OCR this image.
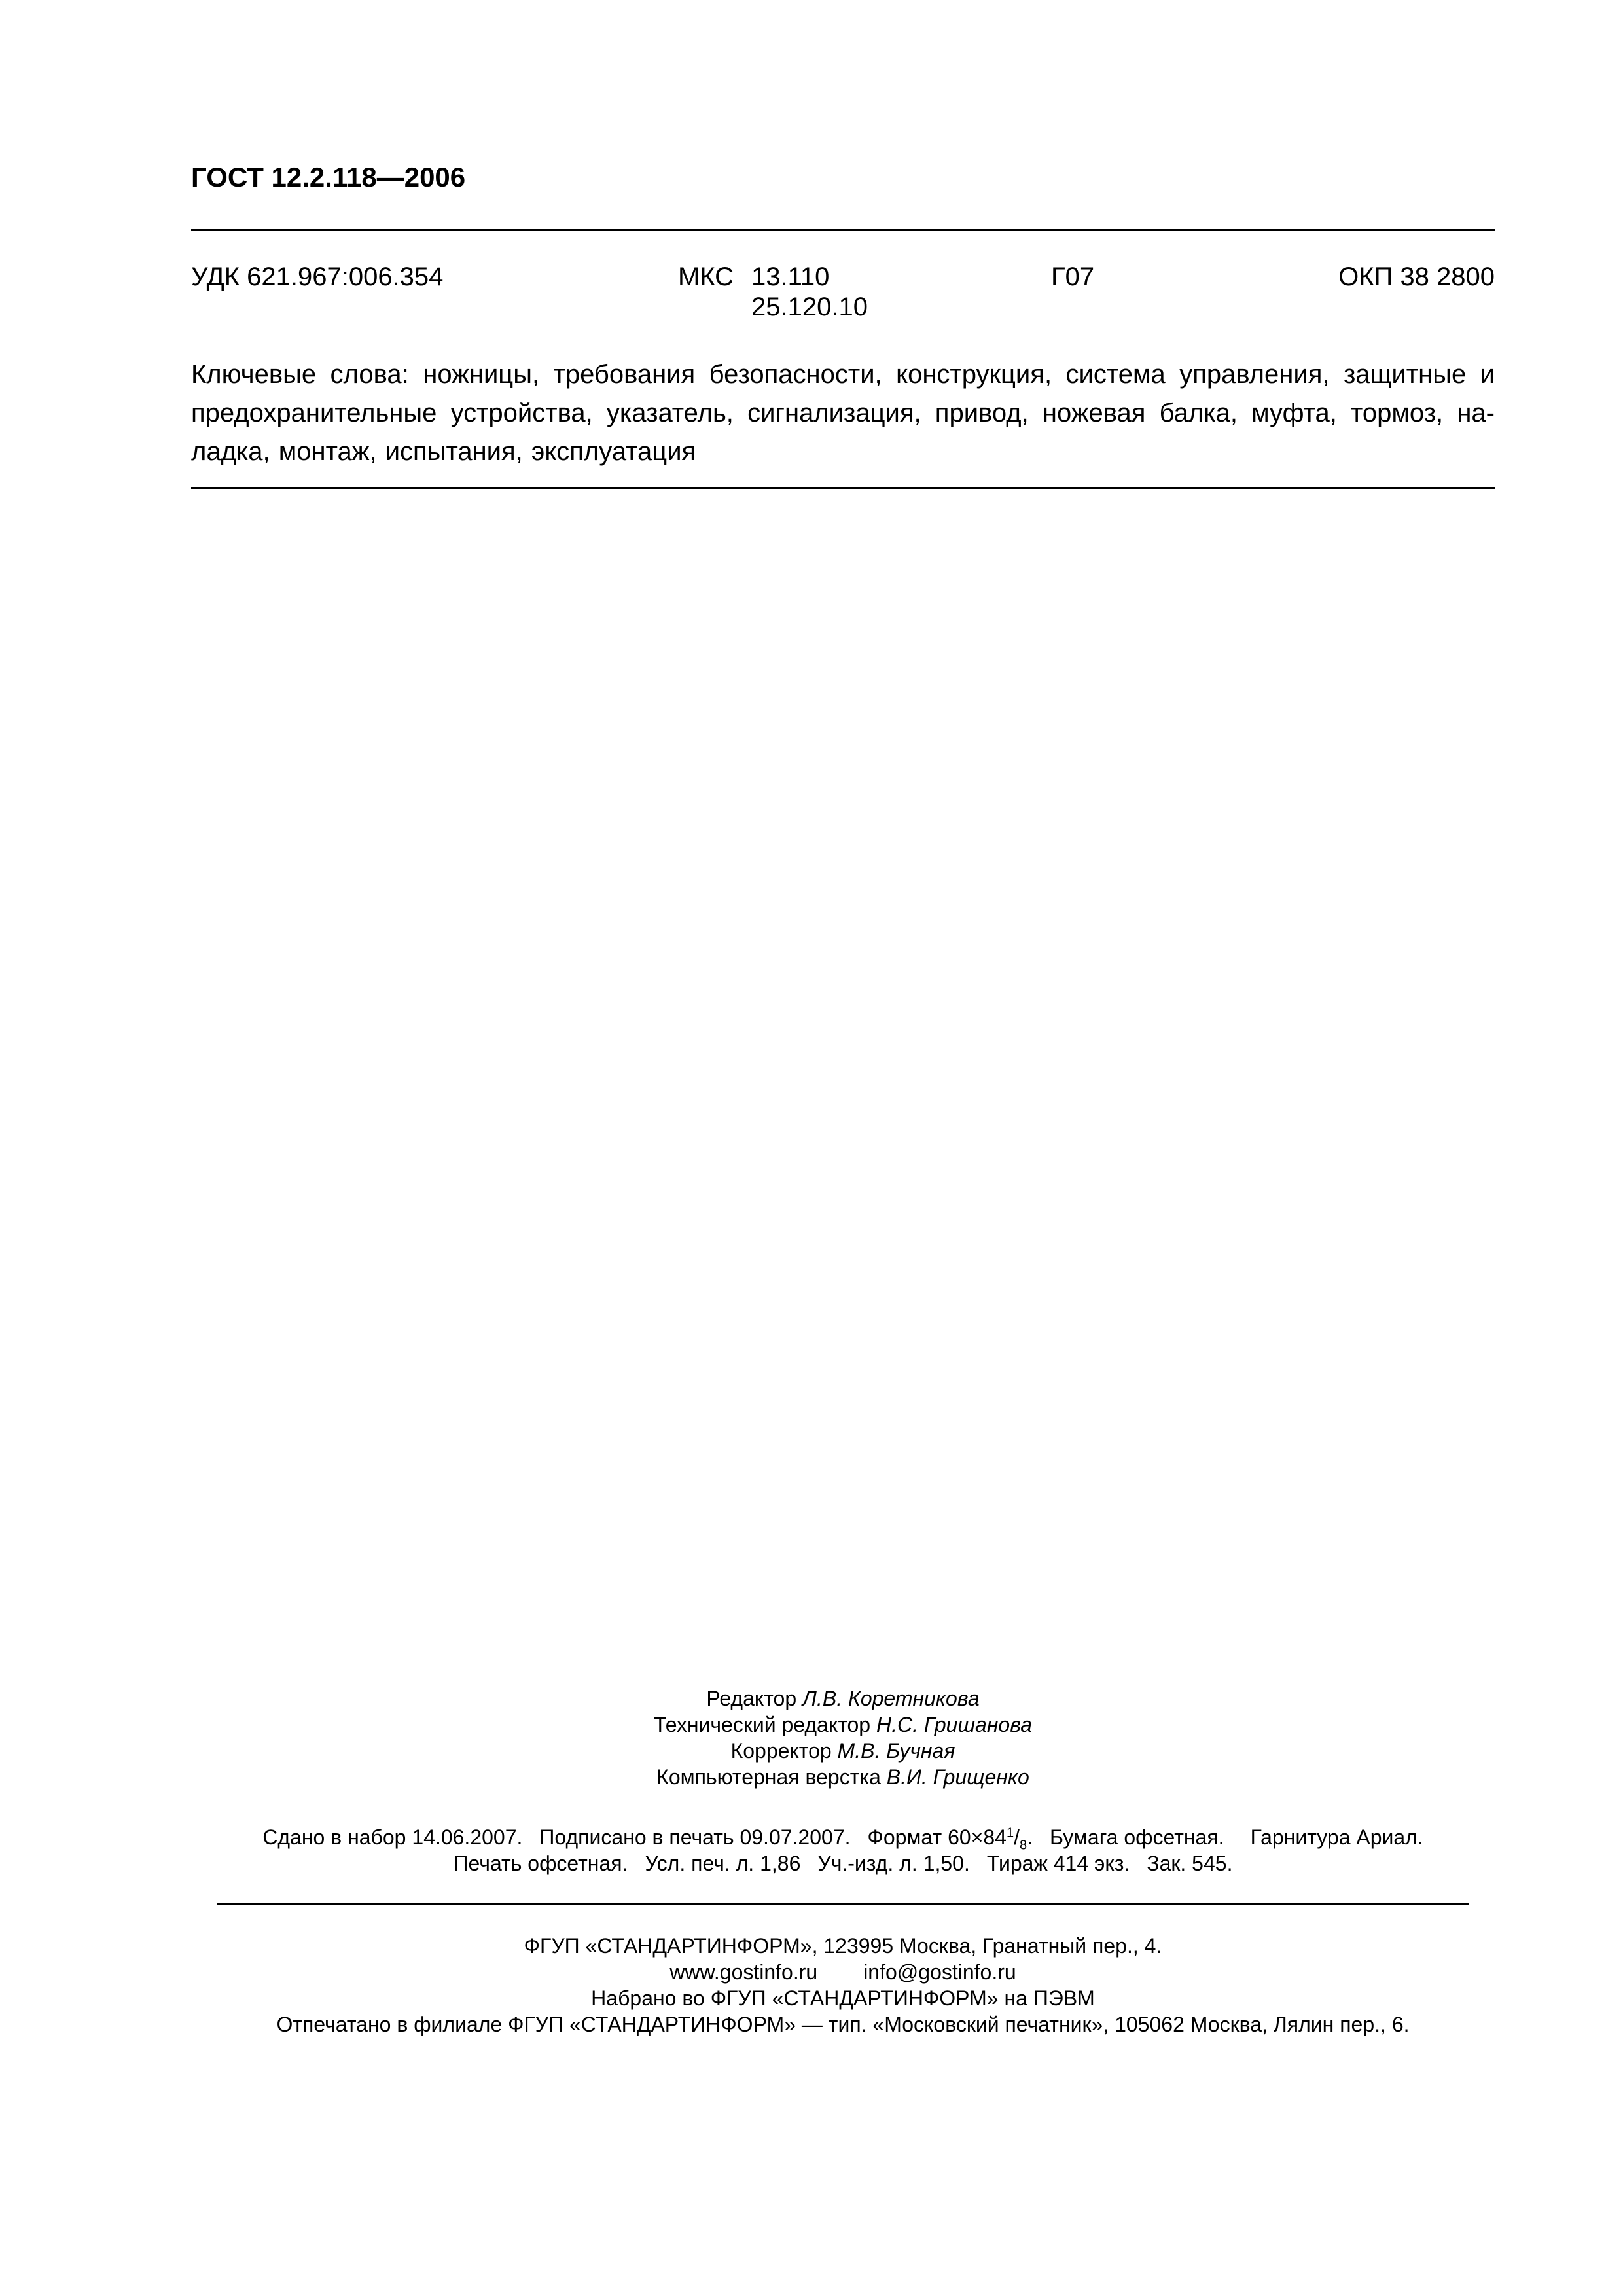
ГОСТ 12.2.118—2006
УДК 621.967:006.354	МКС 13.110
25.120.10
Г07	ОКП 38 2800
Ключевые слова: ножницы, требования безопасности, конструкция, система управления, защитные и
предохранительные устройства, указатель, сигнализация, привод, ножевая балка, муфта, тормоз, на-
ладка, монтаж, испытания, эксплуатация
Редактор Л.В. Коретникова
Технический редактор Н.С. Гришанова
Корректор М.В. Бучная
Компьютерная верстка В.И. Грищенко
Сдано в набор 14.06.2007. Подписано в печать 09.07.2007. Формат $60\times 84^1/_8$. Бумага офсетная. Гарнитура Ариал.
Печать офсетная. Усл. печ. л. 1,86 Уч.-изд. л. 1,50. Тираж 414 экз. Зак. 545.
ФГУП «СТАНДАРТИНФОРМ», 123995 Москва, Гранатный пер., 4.
www.gostinfo.ru info@gostinfo.ru
Набрано во ФГУП «СТАНДАРТИНФОРМ» на ПЭВМ
Отпечатано в филиале ФГУП «СТАНДАРТИНФОРМ» — тип. «Московский печатник», 105062 Москва, Лялин пер., 6.
